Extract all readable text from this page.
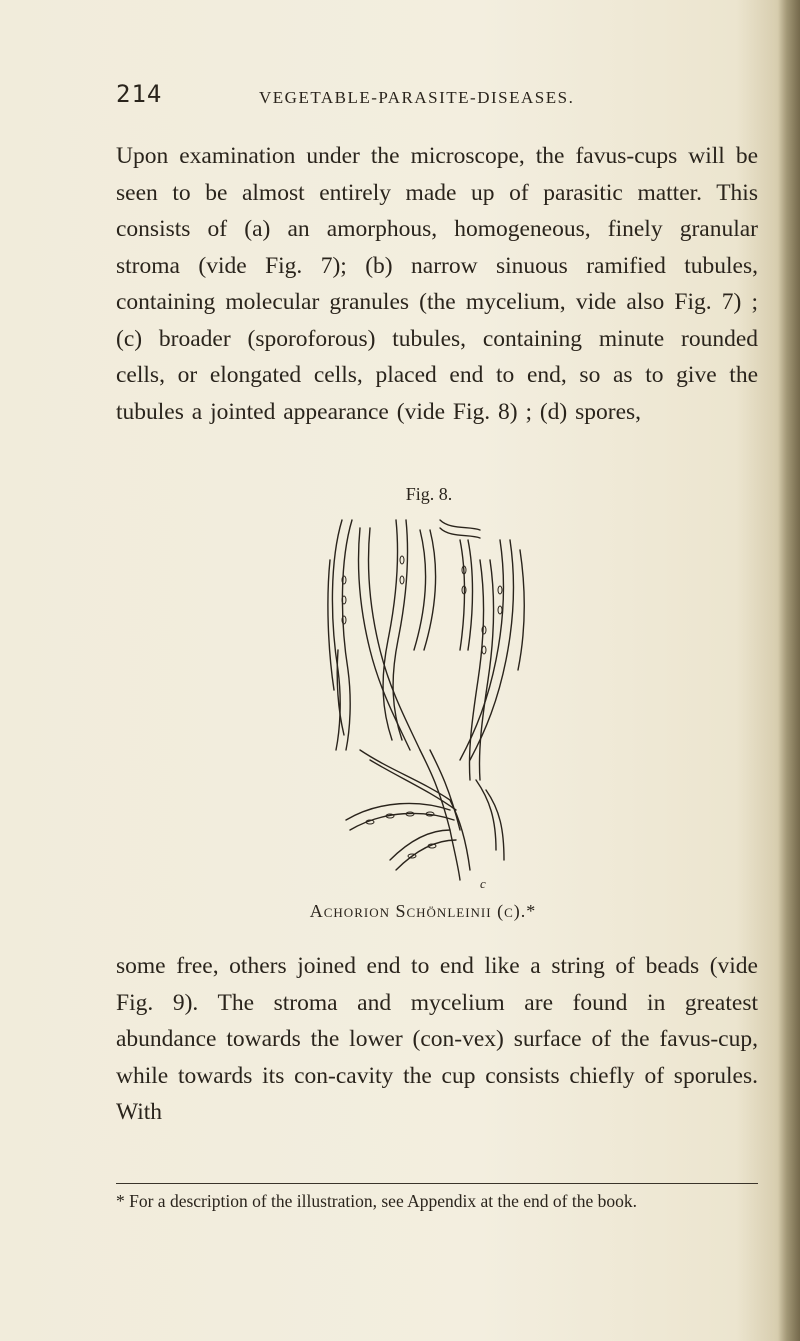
214	VEGETABLE-PARASITE-DISEASES.

Upon examination under the microscope, the favus-cups will be seen to be almost entirely made up of parasitic matter. This consists of (a) an amorphous, homogeneous, finely granular stroma (vide Fig. 7); (b) narrow sinuous ramified tubules, containing molecular granules (the mycelium, vide also Fig. 7) ; (c) broader (sporoforous) tubules, containing minute rounded cells, or elongated cells, placed end to end, so as to give the tubules a jointed appearance (vide Fig. 8) ; (d) spores,

Fig. 8.
c
Achorion Schönleinii (c).*

some free, others joined end to end like a string of beads (vide Fig. 9). The stroma and mycelium are found in greatest abundance towards the lower (con-vex) surface of the favus-cup, while towards its con-cavity the cup consists chiefly of sporules. With

* For a description of the illustration, see Appendix at the end of the book.
